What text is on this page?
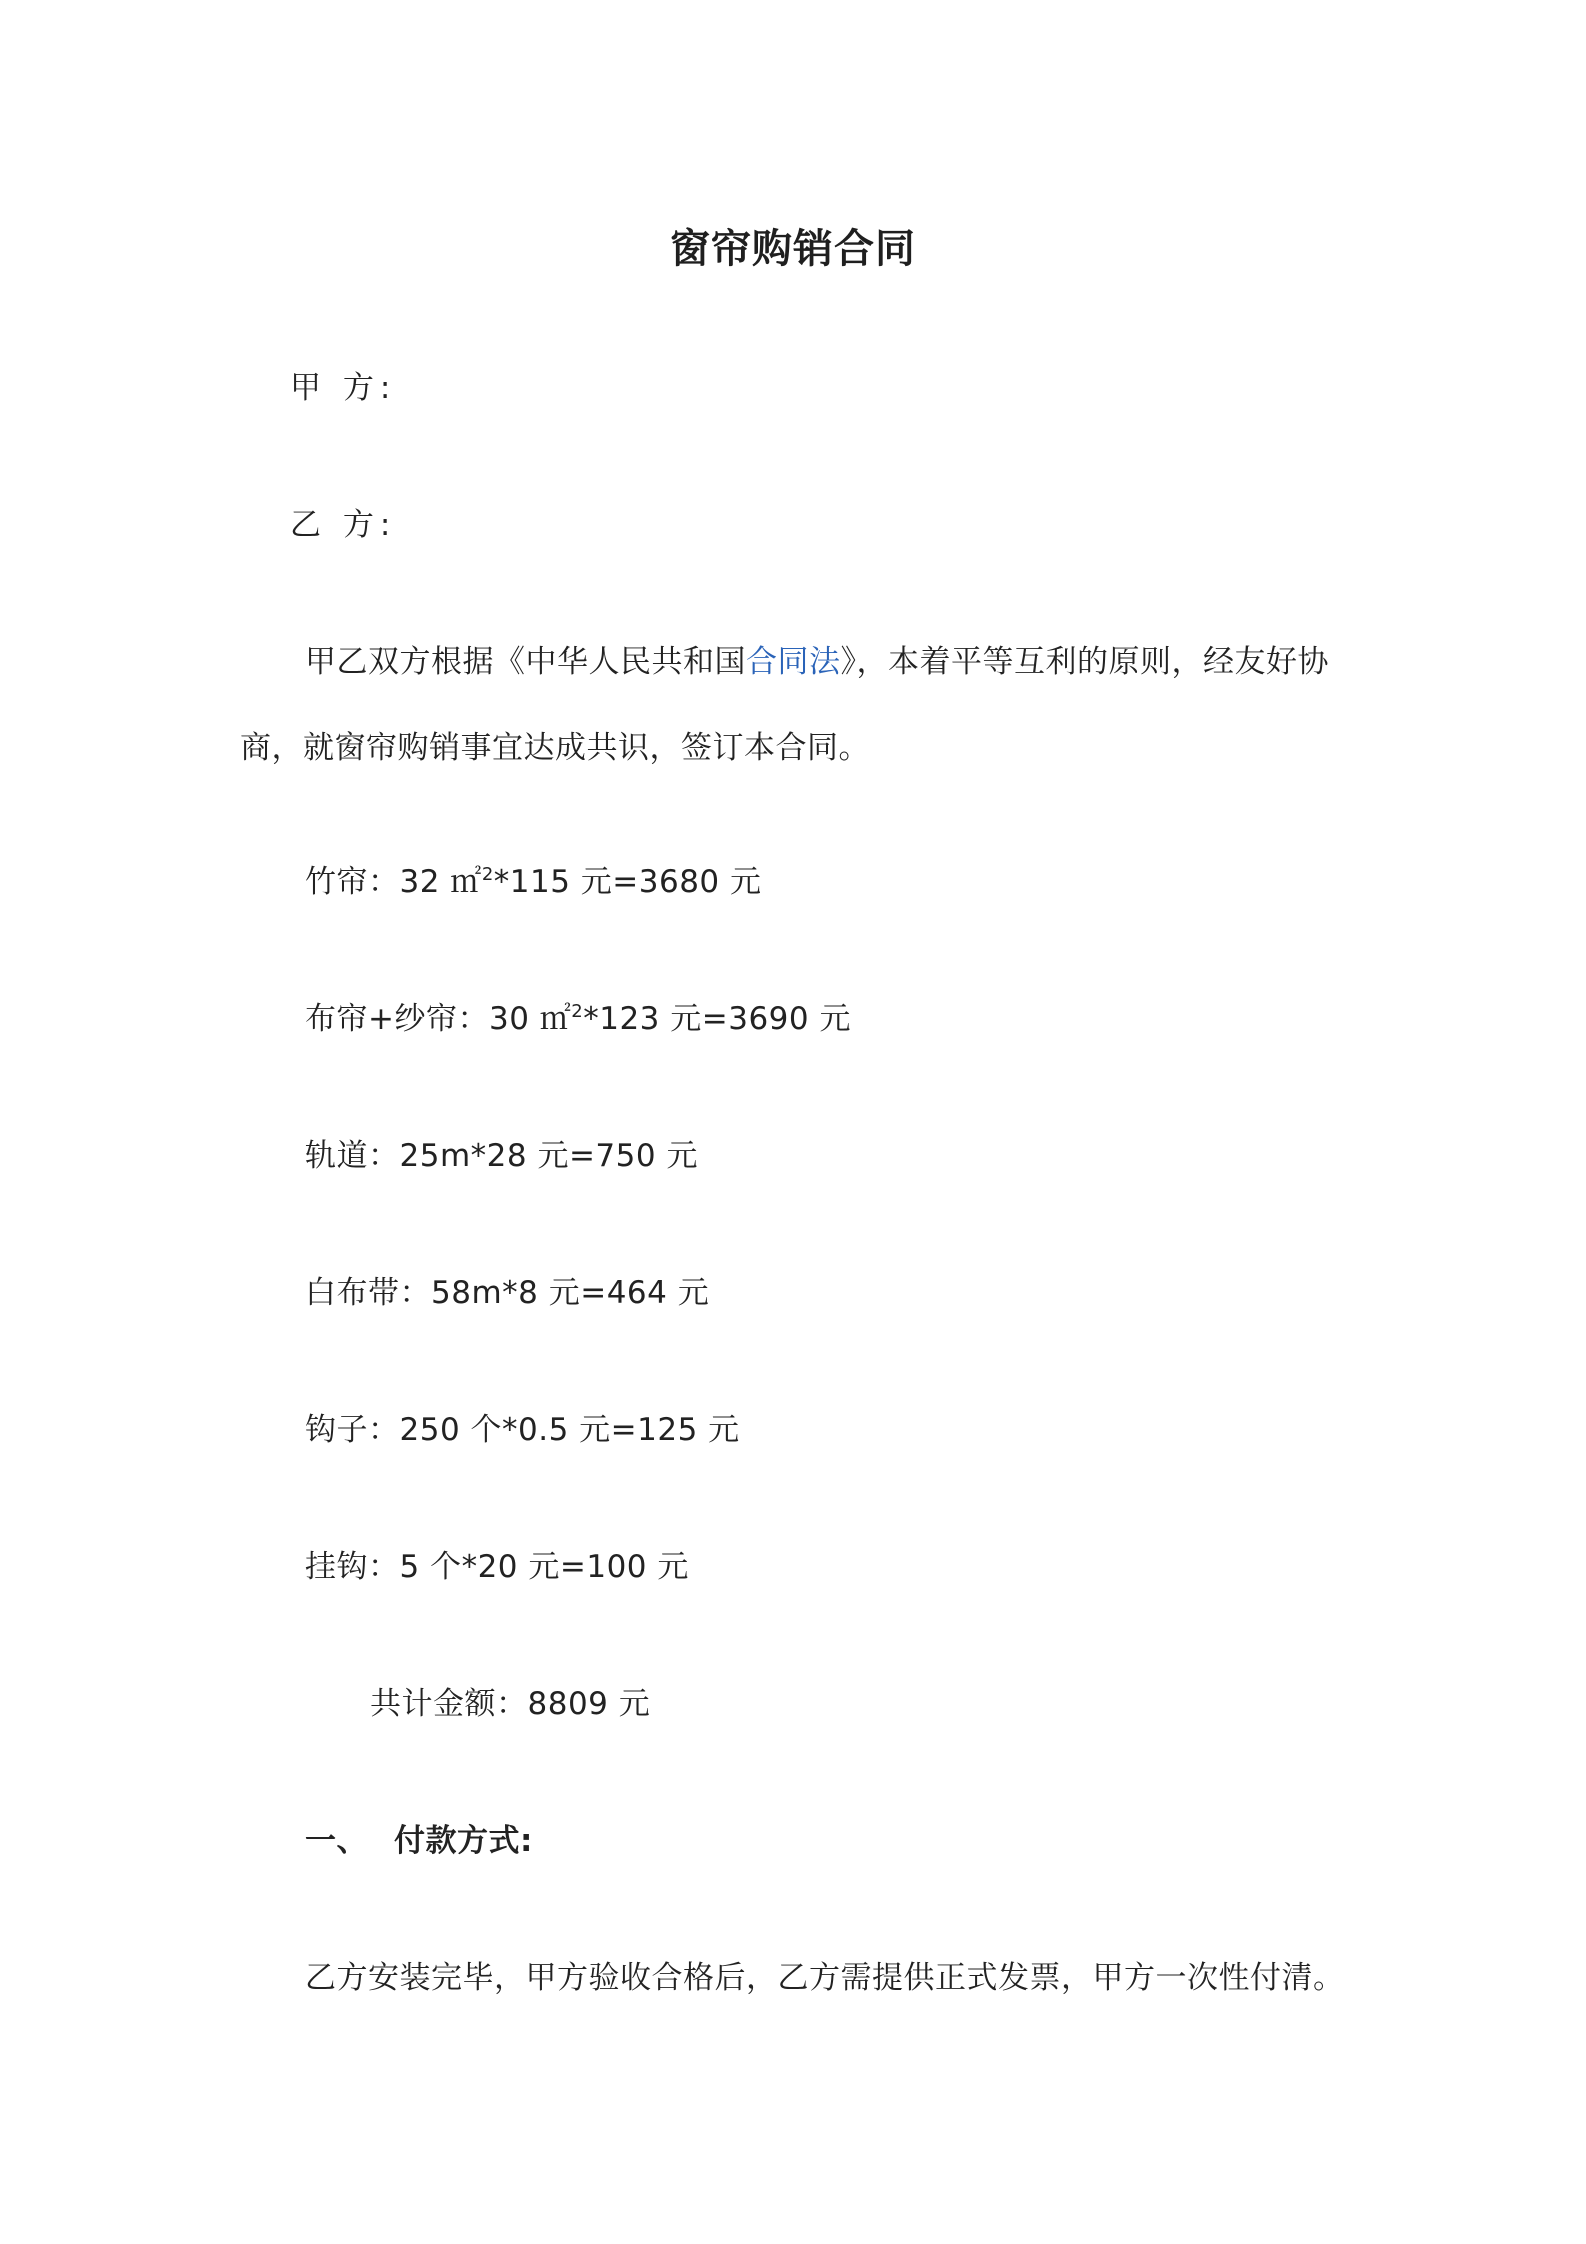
窗帘购销合同
甲 方:
乙 方:
甲乙双方根据《中华人民共和国合同法》，本着平等互利的原则，经友好协
商，就窗帘购销事宜达成共识，签订本合同。
竹帘：32 ㎡$^2$*115 元=3680 元
布帘+纱帘：30 ㎡$^2$*123 元=3690 元
轨道：25m*28 元=750 元
白布带：58m*8 元=464 元
钩子：250 个*0.5 元=125 元
挂钩：5 个*20 元=100 元
共计金额：8809 元
一、 付款方式:
乙方安装完毕，甲方验收合格后，乙方需提供正式发票，甲方一次性付清。
